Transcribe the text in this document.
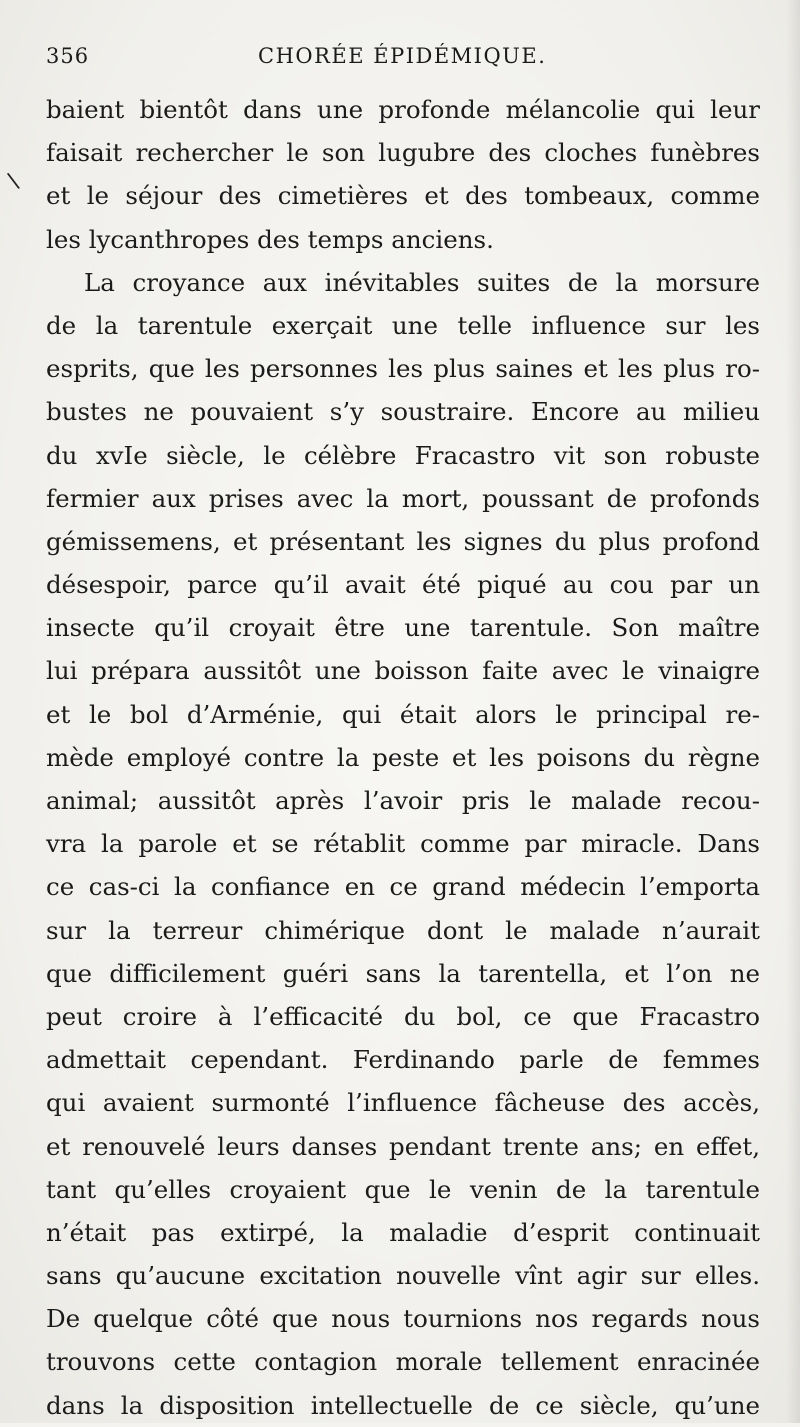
356	CHORÉE ÉPIDÉMIQUE.
∖
baient bientôt dans une profonde mélancolie qui leur
faisait rechercher le son lugubre des cloches funèbres
et le séjour des cimetières et des tombeaux, comme
les lycanthropes des temps anciens.
La croyance aux inévitables suites de la morsure
de la tarentule exerçait une telle influence sur les
esprits, que les personnes les plus saines et les plus ro-
bustes ne pouvaient s’y soustraire. Encore au milieu
du xvIe siècle, le célèbre Fracastro vit son robuste
fermier aux prises avec la mort, poussant de profonds
gémissemens, et présentant les signes du plus profond
désespoir, parce qu’il avait été piqué au cou par un
insecte qu’il croyait être une tarentule. Son maître
lui prépara aussitôt une boisson faite avec le vinaigre
et le bol d’Arménie, qui était alors le principal re-
mède employé contre la peste et les poisons du règne
animal; aussitôt après l’avoir pris le malade recou-
vra la parole et se rétablit comme par miracle. Dans
ce cas-ci la confiance en ce grand médecin l’emporta
sur la terreur chimérique dont le malade n’aurait
que difficilement guéri sans la tarentella, et l’on ne
peut croire à l’efficacité du bol, ce que Fracastro
admettait cependant. Ferdinando parle de femmes
qui avaient surmonté l’influence fâcheuse des accès,
et renouvelé leurs danses pendant trente ans; en effet,
tant qu’elles croyaient que le venin de la tarentule
n’était pas extirpé, la maladie d’esprit continuait
sans qu’aucune excitation nouvelle vînt agir sur elles.
De quelque côté que nous tournions nos regards nous
trouvons cette contagion morale tellement enracinée
dans la disposition intellectuelle de ce siècle, qu’une
